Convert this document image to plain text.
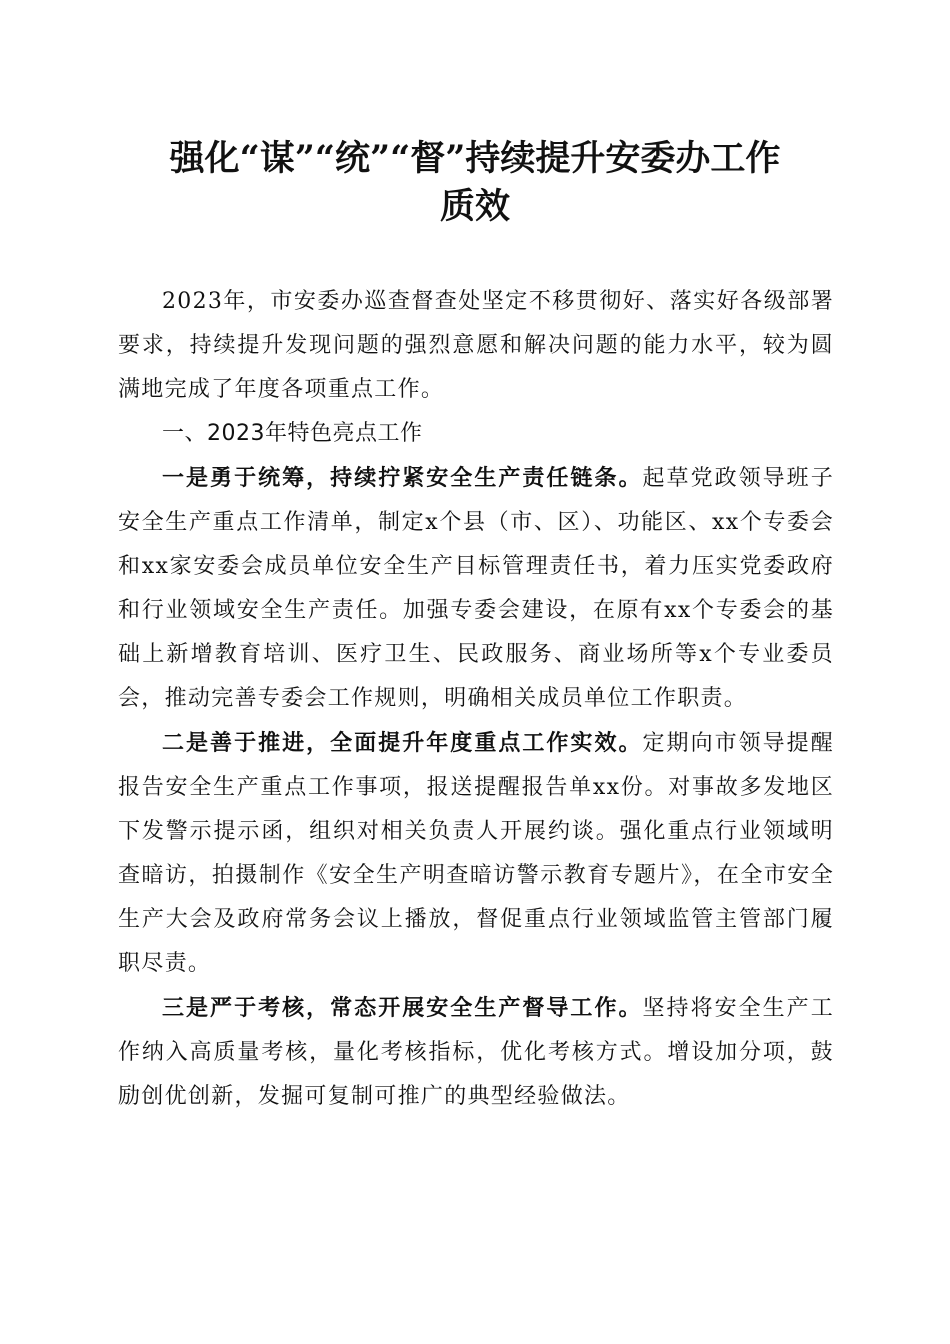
强化“谋”“统”“督”持续提升安委办工作
质效

2023年，市安委办巡查督查处坚定不移贯彻好、落实好各级部署要求，持续提升发现问题的强烈意愿和解决问题的能力水平，较为圆满地完成了年度各项重点工作。

一、2023年特色亮点工作

一是勇于统筹，持续拧紧安全生产责任链条。起草党政领导班子安全生产重点工作清单，制定x个县（市、区）、功能区、xx个专委会和xx家安委会成员单位安全生产目标管理责任书，着力压实党委政府和行业领域安全生产责任。加强专委会建设，在原有xx个专委会的基础上新增教育培训、医疗卫生、民政服务、商业场所等x个专业委员会，推动完善专委会工作规则，明确相关成员单位工作职责。

二是善于推进，全面提升年度重点工作实效。定期向市领导提醒报告安全生产重点工作事项，报送提醒报告单xx份。对事故多发地区下发警示提示函，组织对相关负责人开展约谈。强化重点行业领域明查暗访，拍摄制作《安全生产明查暗访警示教育专题片》，在全市安全生产大会及政府常务会议上播放，督促重点行业领域监管主管部门履职尽责。

三是严于考核，常态开展安全生产督导工作。坚持将安全生产工作纳入高质量考核，量化考核指标，优化考核方式。增设加分项，鼓励创优创新，发掘可复制可推广的典型经验做法。
